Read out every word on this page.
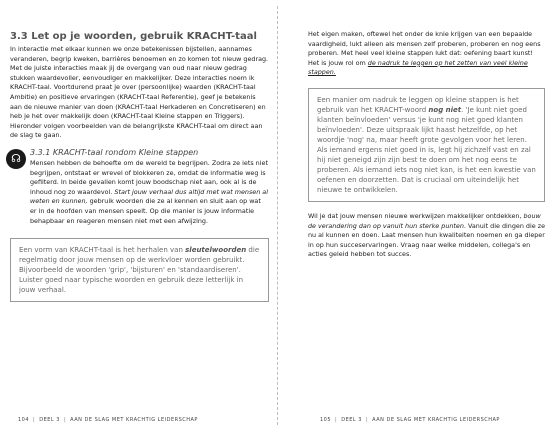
3.3 Let op je woorden, gebruik KRACHT-taal

In interactie met elkaar kunnen we onze betekenissen bijstellen, aannames veranderen, begrip kweken, barrières benoemen en zo komen tot nieuw gedrag. Met de juiste interacties maak jij de overgang van oud naar nieuw gedrag stukken waardevoller, eenvoudiger en makkelijker. Deze interacties noem ik KRACHT-taal. Voortdurend praat je over (persoonlijke) waarden (KRACHT-taal Ambitie) en positieve ervaringen (KRACHT-taal Referentie), geef je betekenis aan de nieuwe manier van doen (KRACHT-taal Herkaderen en Concretiseren) en heb je het over makkelijk doen (KRACHT-taal Kleine stappen en Triggers). Hieronder volgen voorbeelden van de belangrijkste KRACHT-taal om direct aan de slag te gaan.

☊	3.3.1 KRACHT-taal rondom Kleine stappen

Mensen hebben de behoefte om de wereld te begrijpen. Zodra ze iets niet begrijpen, ontstaat er wrevel of blokkeren ze, omdat de informatie weg is gefilterd. In beide gevallen komt jouw boodschap niet aan, ook al is de inhoud nog zo waardevol. Start jouw verhaal dus altijd met wat mensen al weten en kunnen, gebruik woorden die ze al kennen en sluit aan op wat er in de hoofden van mensen speelt. Op die manier is jouw informatie behapbaar en reageren mensen niet met een afwijzing.

Een vorm van KRACHT-taal is het herhalen van sleutelwoorden die regelmatig door jouw mensen op de werkvloer worden gebruikt. Bijvoorbeeld de woorden 'grip', 'bijsturen' en 'standaardiseren'. Luister goed naar typische woorden en gebruik deze letterlijk in jouw verhaal.

104 | DEEL 3 | AAN DE SLAG MET KRACHTIG LEIDERSCHAP

Het eigen maken, oftewel het onder de knie krijgen van een bepaalde vaardigheid, lukt alleen als mensen zelf proberen, proberen en nog eens proberen. Met heel veel kleine stappen lukt dat: oefening baart kunst! Het is jouw rol om de nadruk te leggen op het zetten van veel kleine stappen.

Een manier om nadruk te leggen op kleine stappen is het gebruik van het KRACHT-woord nog niet. 'Je kunt niet goed klanten beïnvloeden' versus 'je kunt nog niet goed klanten beïnvloeden'. Deze uitspraak lijkt haast hetzelfde, op het woordje 'nog' na, maar heeft grote gevolgen voor het leren. Als iemand ergens niet goed in is, legt hij zichzelf vast en zal hij niet geneigd zijn zijn best te doen om het nog eens te proberen. Als iemand iets nog niet kan, is het een kwestie van oefenen en doorzetten. Dat is cruciaal om uiteindelijk het nieuwe te ontwikkelen.

Wil je dat jouw mensen nieuwe werkwijzen makkelijker ontdekken, bouw de verandering dan op vanuit hun sterke punten. Vanuit die dingen die ze nu al kunnen en doen. Laat mensen hun kwaliteiten noemen en ga dieper in op hun succeservaringen. Vraag naar welke middelen, collega's en acties geleid hebben tot succes.

105 | DEEL 3 | AAN DE SLAG MET KRACHTIG LEIDERSCHAP
